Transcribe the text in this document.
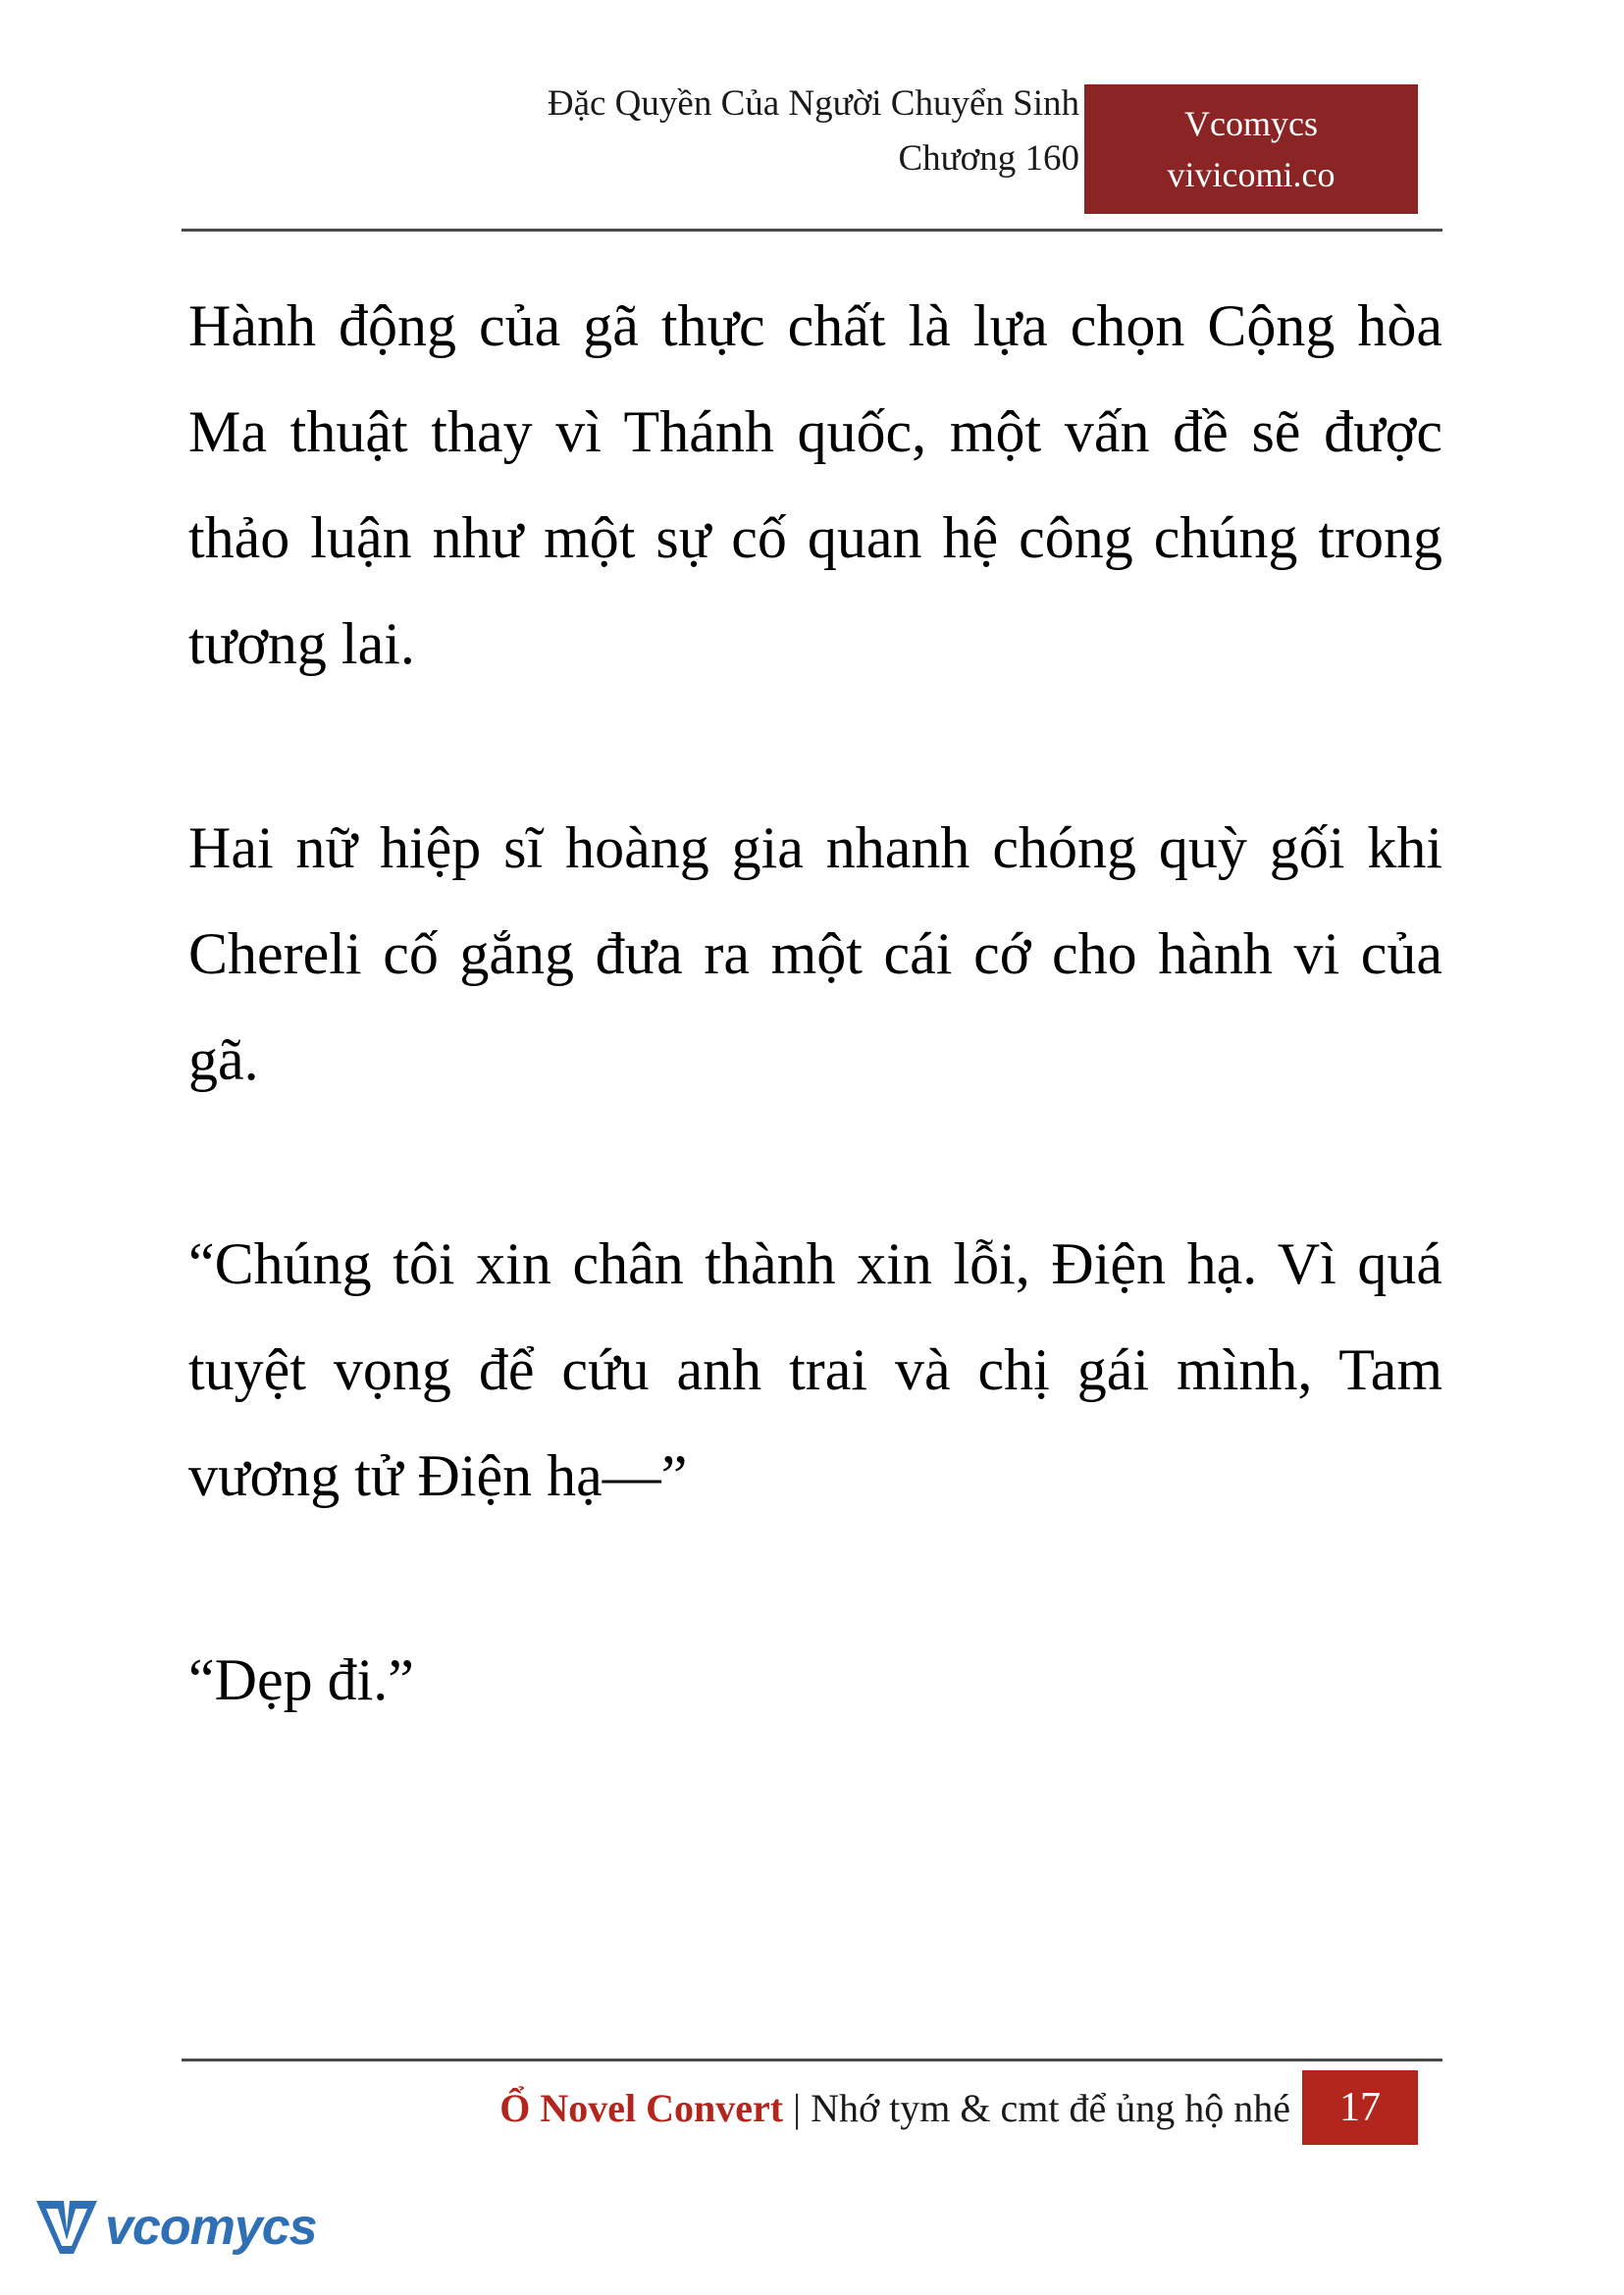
Đặc Quyền Của Người Chuyển Sinh
Chương 160
Vcomycs
vivicomi.co

Hành động của gã thực chất là lựa chọn Cộng hòa Ma thuật thay vì Thánh quốc, một vấn đề sẽ được thảo luận như một sự cố quan hệ công chúng trong tương lai.

Hai nữ hiệp sĩ hoàng gia nhanh chóng quỳ gối khi Chereli cố gắng đưa ra một cái cớ cho hành vi của gã.

“Chúng tôi xin chân thành xin lỗi, Điện hạ. Vì quá tuyệt vọng để cứu anh trai và chị gái mình, Tam vương tử Điện hạ—”

“Dẹp đi.”

Ổ Novel Convert | Nhớ tym & cmt để ủng hộ nhé	17
vcomycs
